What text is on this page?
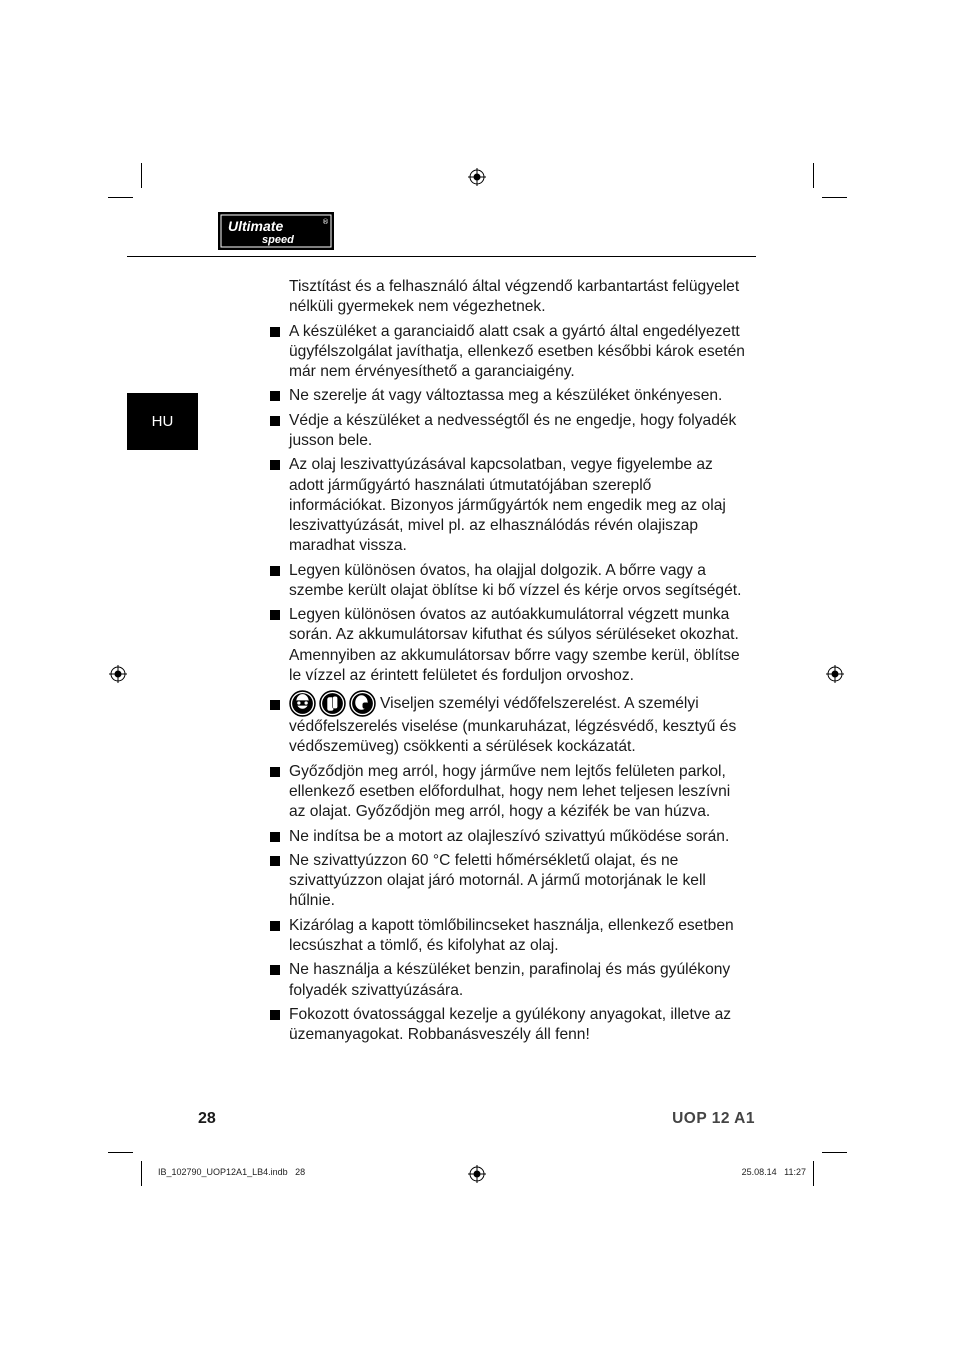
Ultimate
speed
®
HU

Tisztítást és a felhasználó által végzendő karbantartást felügyelet nélküli gyermekek nem végezhetnek.

A készüléket a garanciaidő alatt csak a gyártó által engedélyezett ügyfélszolgálat javíthatja, ellenkező esetben későbbi károk esetén már nem érvényesíthető a garanciaigény.
Ne szerelje át vagy változtassa meg a készüléket önkényesen.
Védje a készüléket a nedvességtől és ne engedje, hogy folyadék jusson bele.
Az olaj leszivattyúzásával kapcsolatban, vegye figyelembe az adott járműgyártó használati útmutatójában szereplő információkat. Bizonyos járműgyártók nem engedik meg az olaj leszivattyúzását, mivel pl. az elhasználódás révén olajiszap maradhat vissza.
Legyen különösen óvatos, ha olajjal dolgozik. A bőrre vagy a szembe került olajat öblítse ki bő vízzel és kérje orvos segítségét.
Legyen különösen óvatos az autóakkumulátorral végzett munka során. Az akkumulátorsav kifuthat és súlyos sérüléseket okozhat. Amennyiben az akkumulátorsav bőrre vagy szembe kerül, öblítse le vízzel az érintett felületet és forduljon orvoshoz.
Viseljen személyi védőfelszerelést. A személyi védőfelszerelés viselése (munkaruházat, légzésvédő, kesztyű és védőszemüveg) csökkenti a sérülések kockázatát.
Győződjön meg arról, hogy járműve nem lejtős felületen parkol, ellenkező esetben előfordulhat, hogy nem lehet teljesen leszívni az olajat. Győződjön meg arról, hogy a kézifék be van húzva.
Ne indítsa be a motort az olajleszívó szivattyú működése során.
Ne szivattyúzzon 60 °C feletti hőmérsékletű olajat, és ne szivattyúzzon olajat járó motornál. A jármű motorjának le kell hűlnie.
Kizárólag a kapott tömlőbilincseket használja, ellenkező esetben lecsúszhat a tömlő, és kifolyhat az olaj.
Ne használja a készüléket benzin, parafinolaj és más gyúlékony folyadék szivattyúzására.
Fokozott óvatossággal kezelje a gyúlékony anyagokat, illetve az üzemanyagokat. Robbanásveszély áll fenn!
28	UOP 12 A1
IB_102790_UOP12A1_LB4.indb   28	25.08.14   11:27
